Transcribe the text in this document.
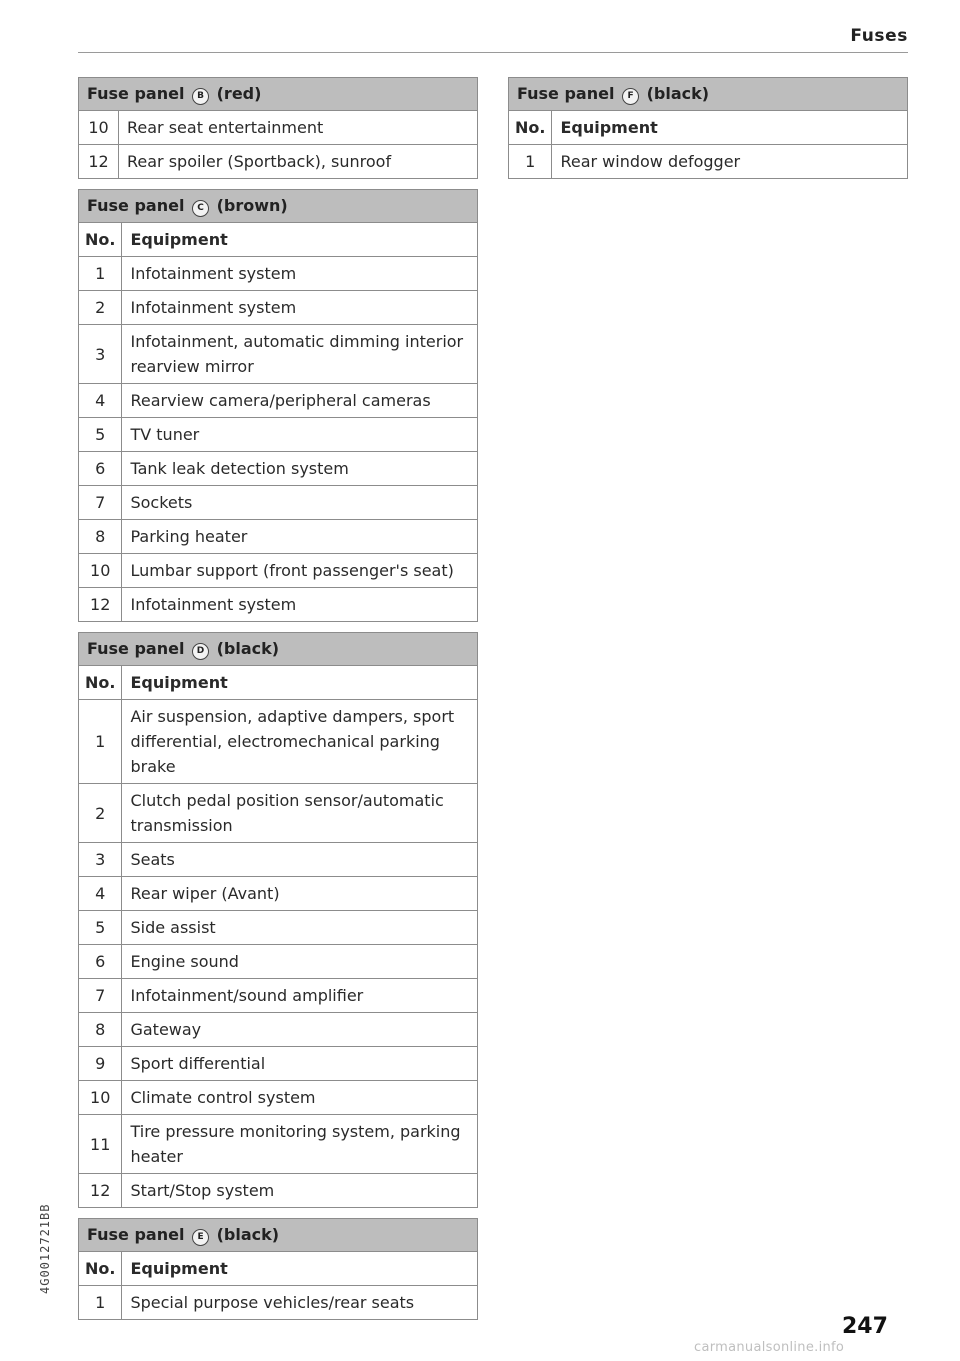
Fuses
Fuse panel B (red)	
10	Rear seat entertainment
12	Rear spoiler (Sportback), sunroof
Fuse panel C (brown)	
No.	Equipment
1	Infotainment system
2	Infotainment system
3	Infotainment, automatic dimming interior rearview mirror
4	Rearview camera/peripheral cameras
5	TV tuner
6	Tank leak detection system
7	Sockets
8	Parking heater
10	Lumbar support (front passenger's seat)
12	Infotainment system
Fuse panel D (black)	
No.	Equipment
1	Air suspension, adaptive dampers, sport differential, electromechanical parking brake
2	Clutch pedal position sensor/automatic transmission
3	Seats
4	Rear wiper (Avant)
5	Side assist
6	Engine sound
7	Infotainment/sound amplifier
8	Gateway
9	Sport differential
10	Climate control system
11	Tire pressure monitoring system, parking heater
12	Start/Stop system
Fuse panel E (black)	
No.	Equipment
1	Special purpose vehicles/rear seats
Fuse panel F (black)	
No.	Equipment
1	Rear window defogger
4G0012721BB
247
carmanualsonline.info
